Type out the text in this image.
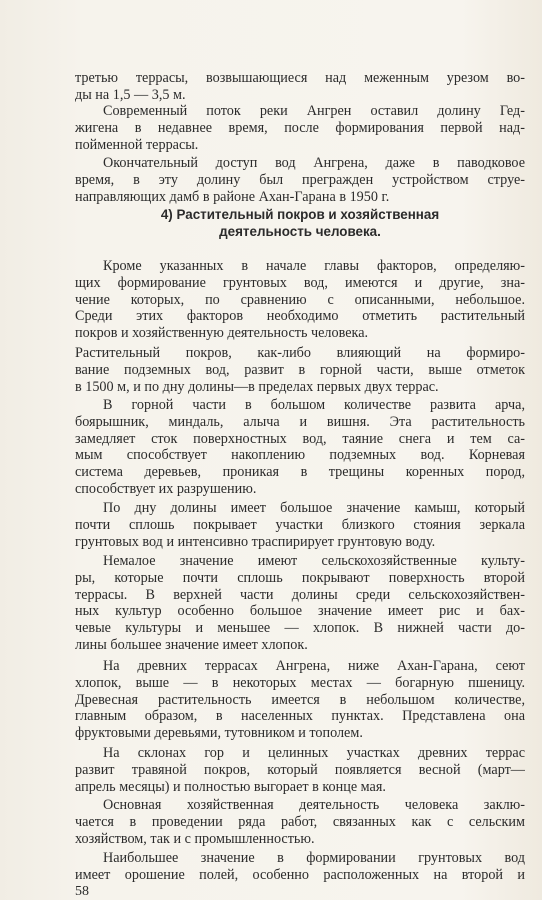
третью террасы, возвышающиеся над меженным урезом во-
ды на 1,5 — 3,5 м.
Современный поток реки Ангрен оставил долину Гед-
жигена в недавнее время, после формирования первой над-
пойменной террасы.
Окончательный доступ вод Ангрена, даже в паводковое
время, в эту долину был прегражден устройством струе-
направляющих дамб в районе Ахан-Гарана в 1950 г.
4) Растительный покров и хозяйственная
деятельность человека.
Кроме указанных в начале главы факторов, определяю-
щих формирование грунтовых вод, имеются и другие, зна-
чение которых, по сравнению с описанными, небольшое.
Среди этих факторов необходимо отметить растительный
покров и хозяйственную деятельность человека.
Растительный покров, как-либо влияющий на формиро-
вание подземных вод, развит в горной части, выше отметок
в 1500 м, и по дну долины—в пределах первых двух террас.
В горной части в большом количестве развита арча,
боярышник, миндаль, алыча и вишня. Эта растительность
замедляет сток поверхностных вод, таяние снега и тем са-
мым способствует накоплению подземных вод. Корневая
система деревьев, проникая в трещины коренных пород,
способствует их разрушению.
По дну долины имеет большое значение камыш, который
почти сплошь покрывает участки близкого стояния зеркала
грунтовых вод и интенсивно траспирирует грунтовую воду.
Немалое значение имеют сельскохозяйственные культу-
ры, которые почти сплошь покрывают поверхность второй
террасы. В верхней части долины среди сельскохозяйствен-
ных культур особенно большое значение имеет рис и бах-
чевые культуры и меньшее — хлопок. В нижней части до-
лины большее значение имеет хлопок.
На древних террасах Ангрена, ниже Ахан-Гарана, сеют
хлопок, выше — в некоторых местах — богарную пшеницу.
Древесная растительность имеется в небольшом количестве,
главным образом, в населенных пунктах. Представлена она
фруктовыми деревьями, тутовником и тополем.
На склонах гор и целинных участках древних террас
развит травяной покров, который появляется весной (март—
апрель месяцы) и полностью выгорает в конце мая.
Основная хозяйственная деятельность человека заклю-
чается в проведении ряда работ, связанных как с сельским
хозяйством, так и с промышленностью.
Наибольшее значение в формировании грунтовых вод
имеет орошение полей, особенно расположенных на второй и
58
